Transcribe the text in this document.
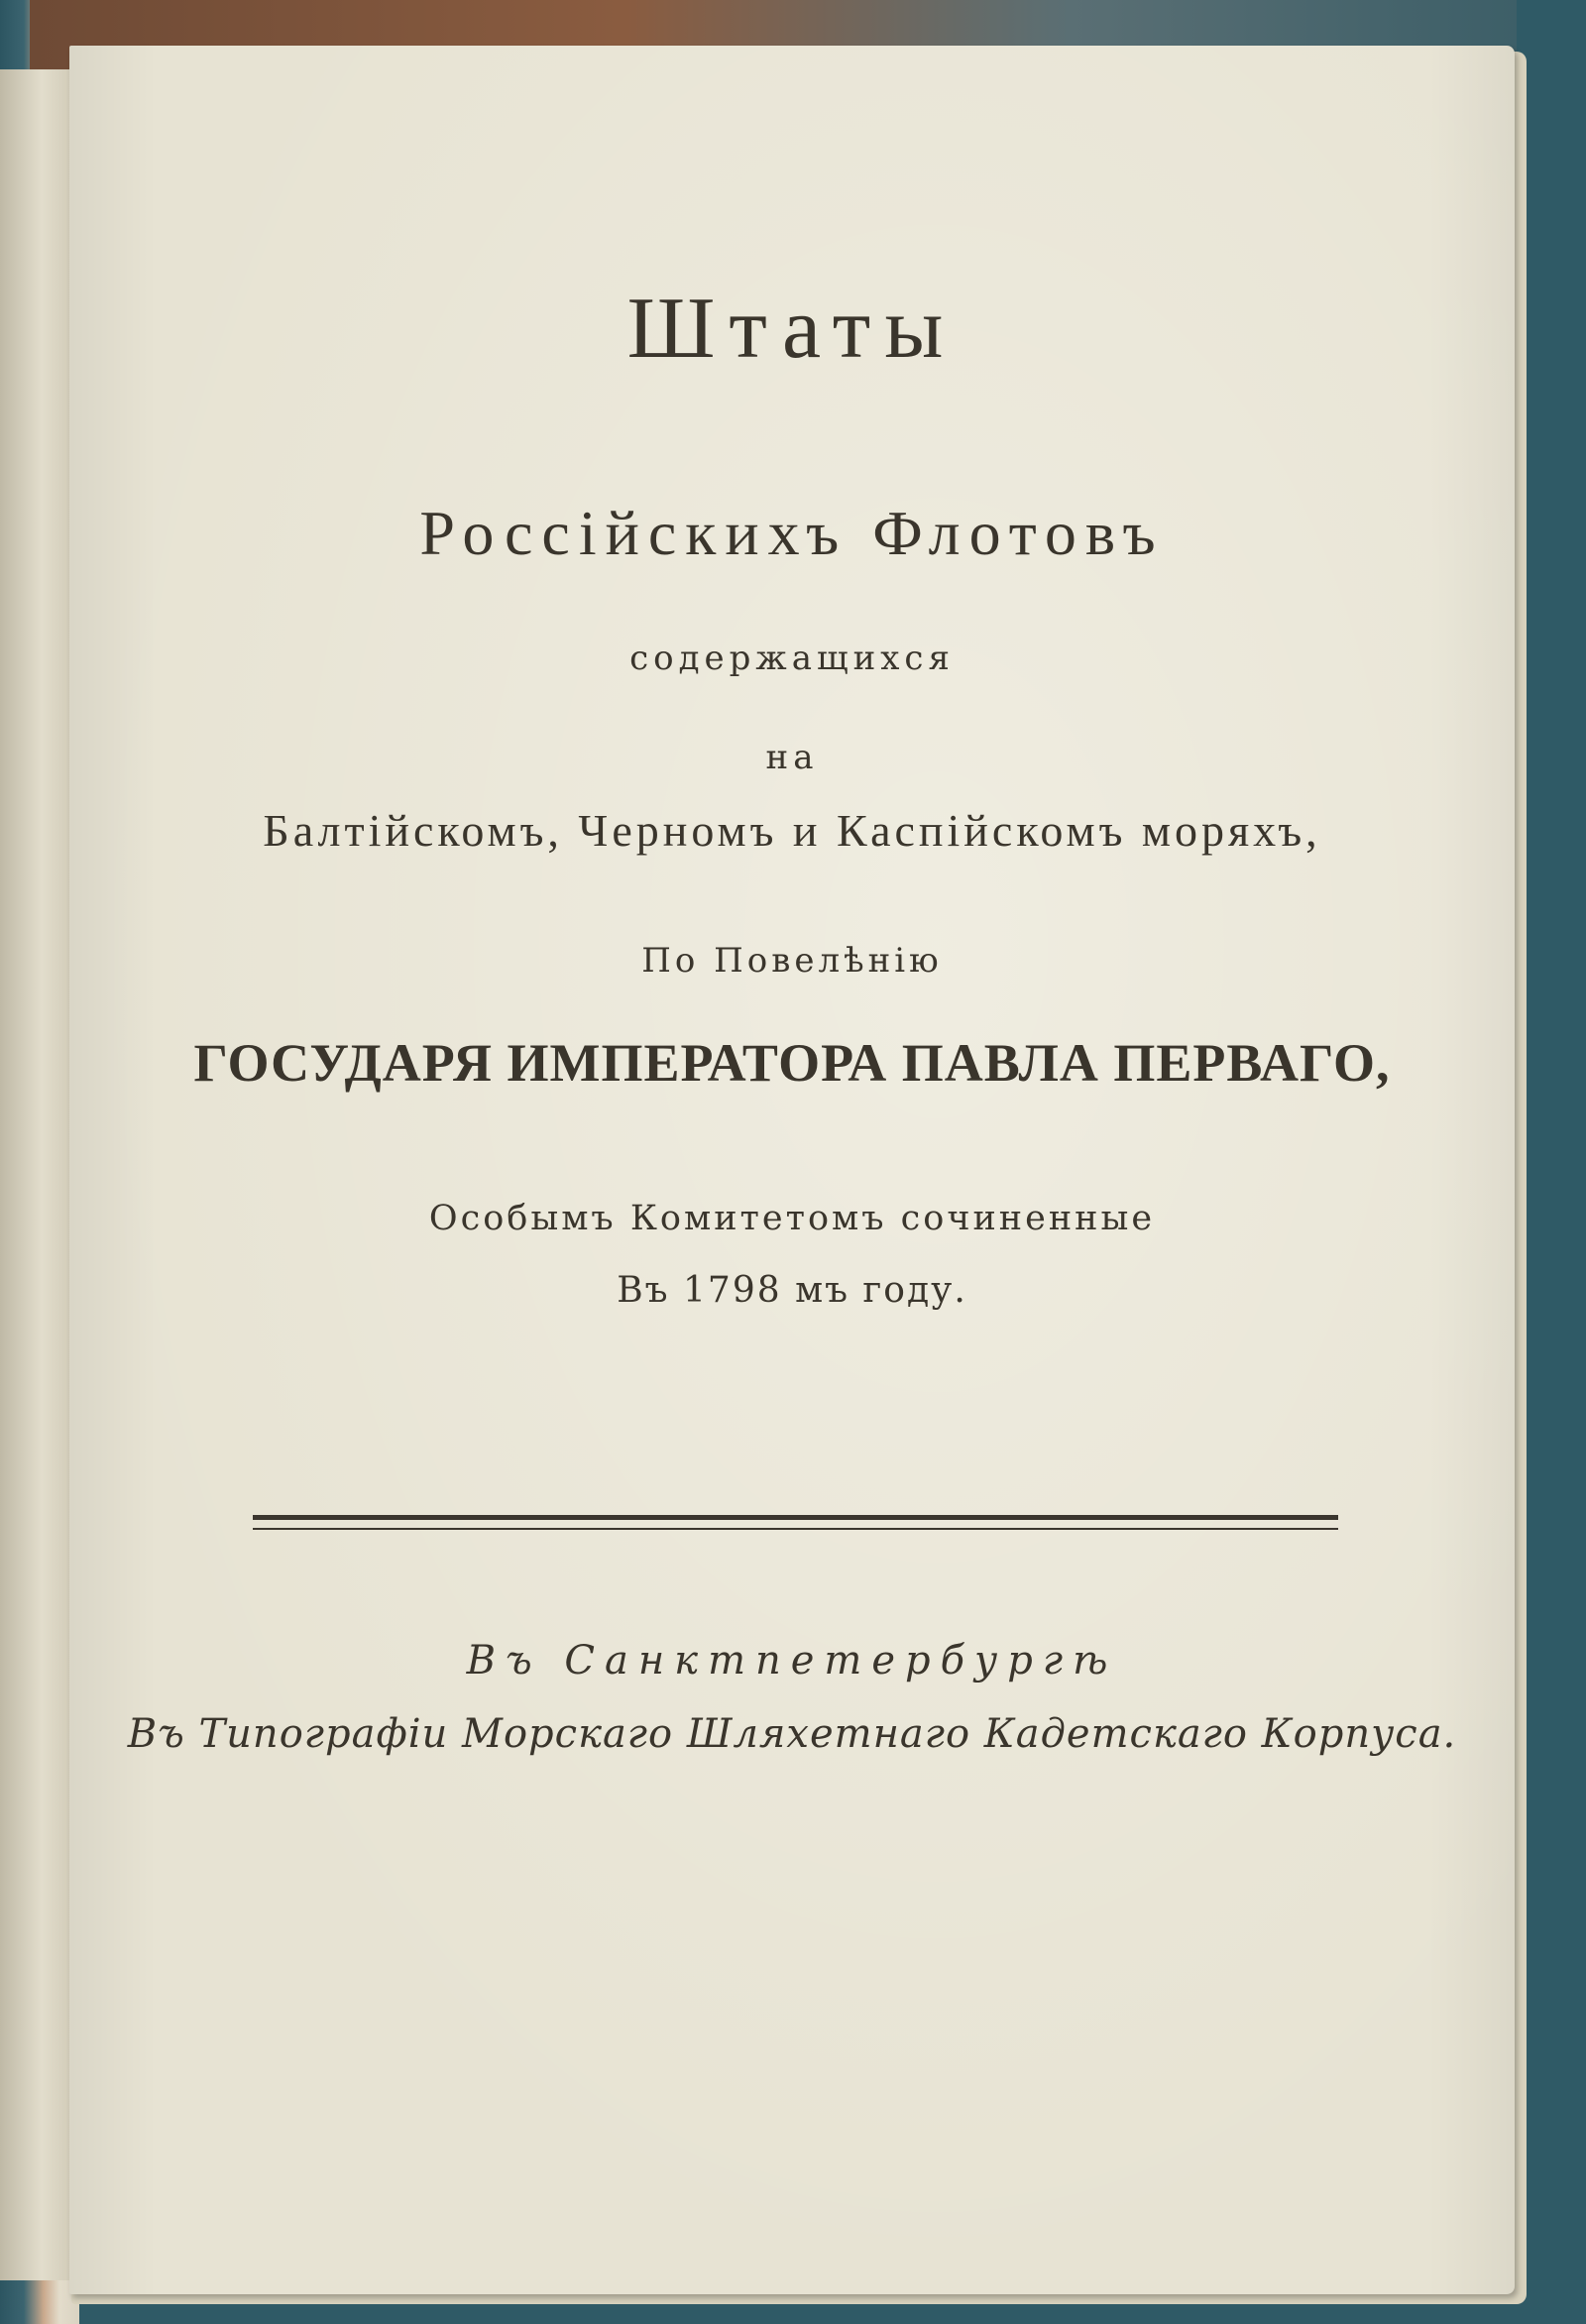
Штаты
Россійскихъ Флотовъ
содержащихся
на
Балтійскомъ, Черномъ и Каспійскомъ моряхъ,
По Повелѣнію
ГОСУДАРЯ ИМПЕРАТОРА ПАВЛА ПЕРВАГО,
Особымъ Комитетомъ сочиненные
Въ 1798 мъ году.
Въ Санктпетербургѣ
Въ Типографіи Морскаго Шляхетнаго Кадетскаго Корпуса.
